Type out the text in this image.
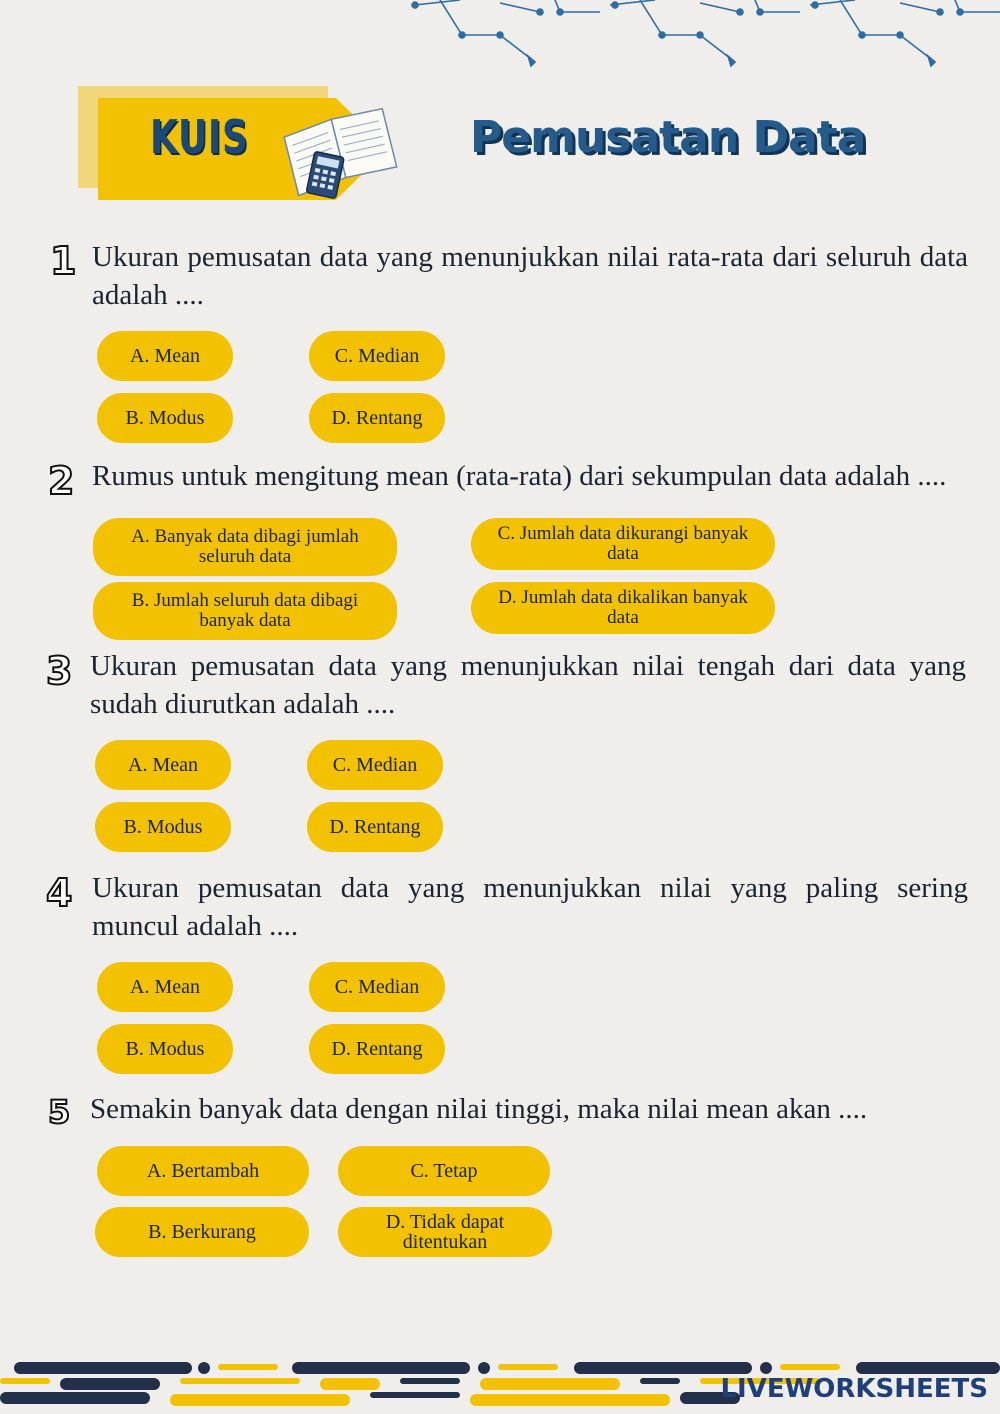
KUIS	Pemusatan Data
1 Ukuran pemusatan data yang menunjukkan nilai rata-rata dari seluruh data adalah ....
A. Mean	C. Median
B. Modus	D. Rentang
2 Rumus untuk mengitung mean (rata-rata) dari sekumpulan data adalah ....
A. Banyak data dibagi jumlah seluruh data
C. Jumlah data dikurangi banyak data
B. Jumlah seluruh data dibagi banyak data
D. Jumlah data dikalikan banyak data
3 Ukuran pemusatan data yang menunjukkan nilai tengah dari data yang sudah diurutkan adalah ....
A. Mean	C. Median
B. Modus	D. Rentang
4 Ukuran pemusatan data yang menunjukkan nilai yang paling sering muncul adalah ....
A. Mean	C. Median
B. Modus	D. Rentang
5 Semakin banyak data dengan nilai tinggi, maka nilai mean akan ....
A. Bertambah	C. Tetap
B. Berkurang	D. Tidak dapat ditentukan
LIVEWORKSHEETS
